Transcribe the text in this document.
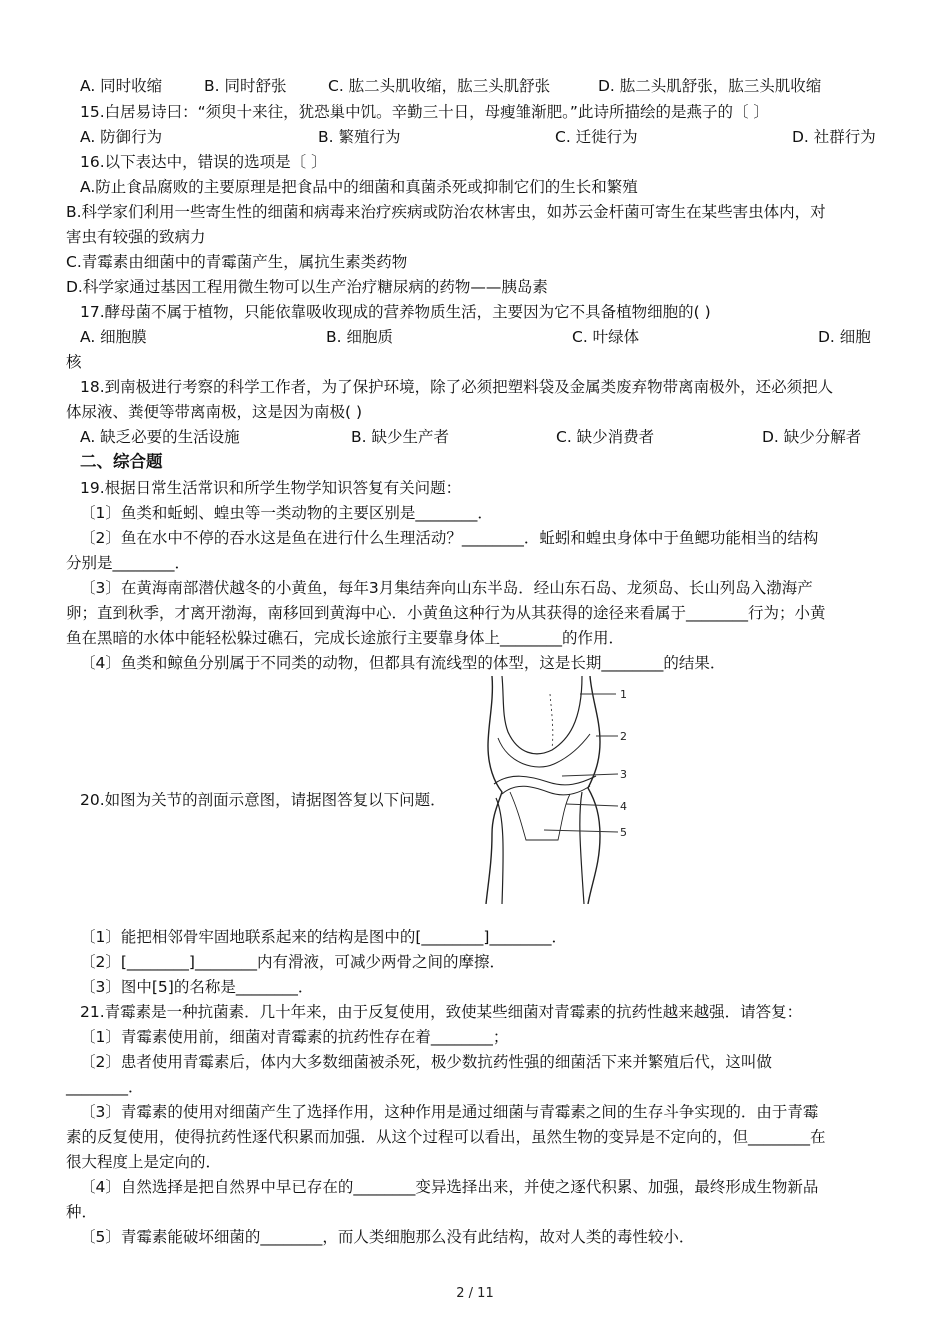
A. 同时收缩	B. 同时舒张	C. 肱二头肌收缩，肱三头肌舒张	D. 肱二头肌舒张，肱三头肌收缩
15.白居易诗曰：“须臾十来往，犹恐巢中饥。辛勤三十日，母瘦雏渐肥。”此诗所描绘的是燕子的〔 〕
A. 防御行为	B. 繁殖行为	C. 迁徙行为	D. 社群行为
16.以下表达中，错误的选项是〔 〕
A.防止食品腐败的主要原理是把食品中的细菌和真菌杀死或抑制它们的生长和繁殖
B.科学家们利用一些寄生性的细菌和病毒来治疗疾病或防治农林害虫，如苏云金杆菌可寄生在某些害虫体内，对
害虫有较强的致病力
C.青霉素由细菌中的青霉菌产生，属抗生素类药物
D.科学家通过基因工程用微生物可以生产治疗糖尿病的药物——胰岛素
17.酵母菌不属于植物，只能依靠吸收现成的营养物质生活，主要因为它不具备植物细胞的( )
A. 细胞膜	B. 细胞质	C. 叶绿体	D. 细胞
核
18.到南极进行考察的科学工作者，为了保护环境，除了必须把塑料袋及金属类废弃物带离南极外，还必须把人
体尿液、粪便等带离南极，这是因为南极( )
A. 缺乏必要的生活设施	B. 缺少生产者	C. 缺少消费者	D. 缺少分解者
二、综合题
19.根据日常生活常识和所学生物学知识答复有关问题：
〔1〕鱼类和蚯蚓、蝗虫等一类动物的主要区别是________．
〔2〕鱼在水中不停的吞水这是鱼在进行什么生理活动？________．蚯蚓和蝗虫身体中于鱼鳃功能相当的结构
分别是________．
〔3〕在黄海南部潜伏越冬的小黄鱼，每年3月集结奔向山东半岛．经山东石岛、龙须岛、长山列岛入渤海产
卵；直到秋季，才离开渤海，南移回到黄海中心．小黄鱼这种行为从其获得的途径来看属于________行为；小黄
鱼在黑暗的水体中能轻松躲过礁石，完成长途旅行主要靠身体上________的作用．
〔4〕鱼类和鲸鱼分别属于不同类的动物，但都具有流线型的体型，这是长期________的结果．
20.如图为关节的剖面示意图，请据图答复以下问题．
1
2
3
4
5
〔1〕能把相邻骨牢固地联系起来的结构是图中的[________]________．
〔2〕[________]________内有滑液，可减少两骨之间的摩擦．
〔3〕图中[5]的名称是________．
21.青霉素是一种抗菌素．几十年来，由于反复使用，致使某些细菌对青霉素的抗药性越来越强．请答复：
〔1〕青霉素使用前，细菌对青霉素的抗药性存在着________；
〔2〕患者使用青霉素后，体内大多数细菌被杀死，极少数抗药性强的细菌活下来并繁殖后代，这叫做
________．
〔3〕青霉素的使用对细菌产生了选择作用，这种作用是通过细菌与青霉素之间的生存斗争实现的．由于青霉
素的反复使用，使得抗药性逐代积累而加强．从这个过程可以看出，虽然生物的变异是不定向的，但________在
很大程度上是定向的．
〔4〕自然选择是把自然界中早已存在的________变异选择出来，并使之逐代积累、加强，最终形成生物新品
种．
〔5〕青霉素能破坏细菌的________，而人类细胞那么没有此结构，故对人类的毒性较小．
2 / 11
